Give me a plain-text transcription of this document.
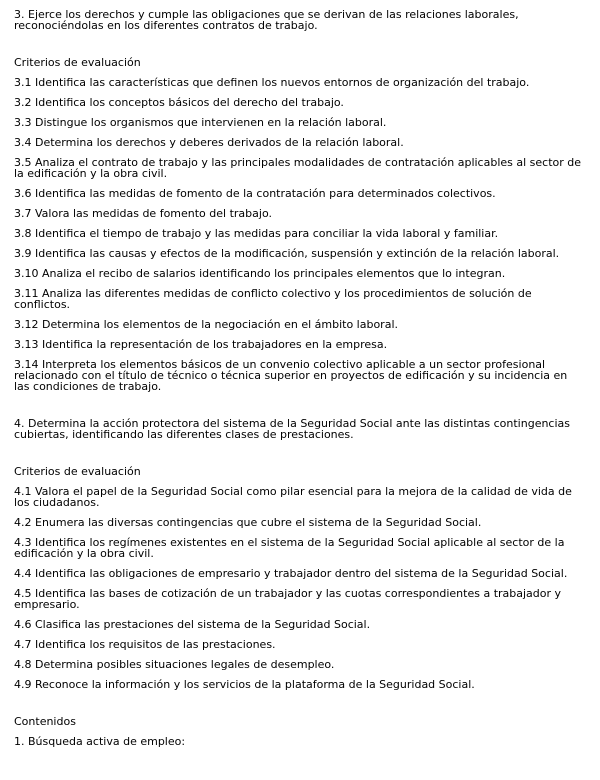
3. Ejerce los derechos y cumple las obligaciones que se derivan de las relaciones laborales, reconociéndolas en los diferentes contratos de trabajo.

Criterios de evaluación

3.1 Identifica las características que definen los nuevos entornos de organización del trabajo.

3.2 Identifica los conceptos básicos del derecho del trabajo.

3.3 Distingue los organismos que intervienen en la relación laboral.

3.4 Determina los derechos y deberes derivados de la relación laboral.

3.5 Analiza el contrato de trabajo y las principales modalidades de contratación aplicables al sector de la edificación y la obra civil.

3.6 Identifica las medidas de fomento de la contratación para determinados colectivos.

3.7 Valora las medidas de fomento del trabajo.

3.8 Identifica el tiempo de trabajo y las medidas para conciliar la vida laboral y familiar.

3.9 Identifica las causas y efectos de la modificación, suspensión y extinción de la relación laboral.

3.10 Analiza el recibo de salarios identificando los principales elementos que lo integran.

3.11 Analiza las diferentes medidas de conflicto colectivo y los procedimientos de solución de conflictos.

3.12 Determina los elementos de la negociación en el ámbito laboral.

3.13 Identifica la representación de los trabajadores en la empresa.

3.14 Interpreta los elementos básicos de un convenio colectivo aplicable a un sector profesional relacionado con el título de técnico o técnica superior en proyectos de edificación y su incidencia en las condiciones de trabajo.

4. Determina la acción protectora del sistema de la Seguridad Social ante las distintas contingencias cubiertas, identificando las diferentes clases de prestaciones.

Criterios de evaluación

4.1 Valora el papel de la Seguridad Social como pilar esencial para la mejora de la calidad de vida de los ciudadanos.

4.2 Enumera las diversas contingencias que cubre el sistema de la Seguridad Social.

4.3 Identifica los regímenes existentes en el sistema de la Seguridad Social aplicable al sector de la edificación y la obra civil.

4.4 Identifica las obligaciones de empresario y trabajador dentro del sistema de la Seguridad Social.

4.5 Identifica las bases de cotización de un trabajador y las cuotas correspondientes a trabajador y empresario.

4.6 Clasifica las prestaciones del sistema de la Seguridad Social.

4.7 Identifica los requisitos de las prestaciones.

4.8 Determina posibles situaciones legales de desempleo.

4.9 Reconoce la información y los servicios de la plataforma de la Seguridad Social.

Contenidos

1. Búsqueda activa de empleo:
